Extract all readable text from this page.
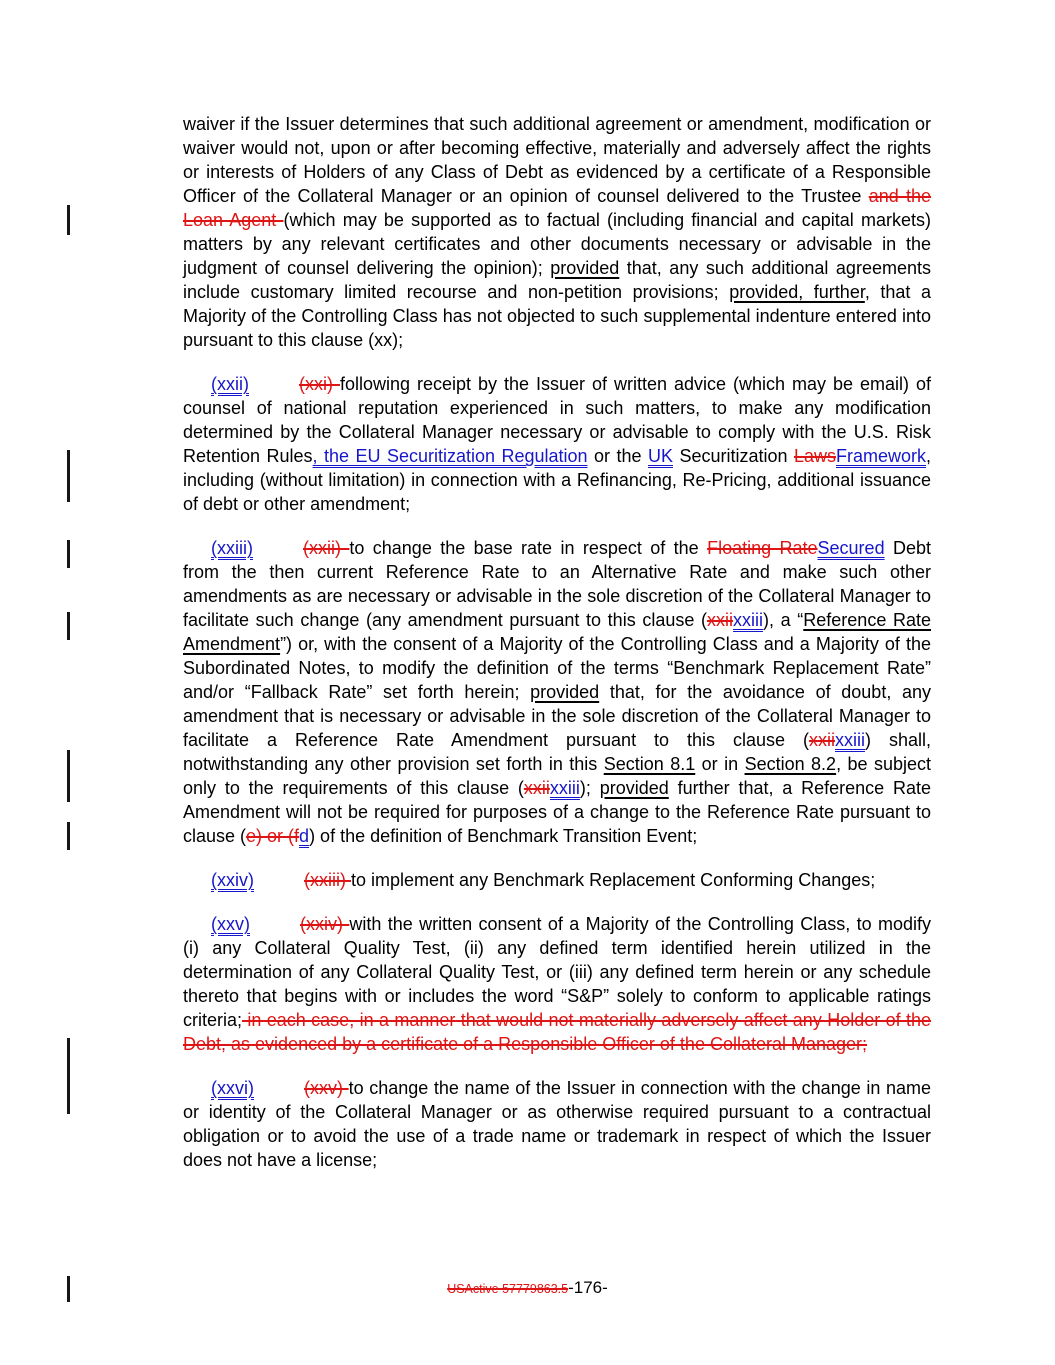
waiver if the Issuer determines that such additional agreement or amendment, modification or waiver would not, upon or after becoming effective, materially and adversely affect the rights or interests of Holders of any Class of Debt as evidenced by a certificate of a Responsible Officer of the Collateral Manager or an opinion of counsel delivered to the Trustee and the Loan Agent (which may be supported as to factual (including financial and capital markets) matters by any relevant certificates and other documents necessary or advisable in the judgment of counsel delivering the opinion); provided that, any such additional agreements include customary limited recourse and non-petition provisions; provided, further, that a Majority of the Controlling Class has not objected to such supplemental indenture entered into pursuant to this clause (xx);

(xxii)	(xxi) following receipt by the Issuer of written advice (which may be email) of counsel of national reputation experienced in such matters, to make any modification determined by the Collateral Manager necessary or advisable to comply with the U.S. Risk Retention Rules, the EU Securitization Regulation or the UK Securitization LawsFramework, including (without limitation) in connection with a Refinancing, Re-Pricing, additional issuance of debt or other amendment;

(xxiii)	(xxii) to change the base rate in respect of the Floating RateSecured Debt from the then current Reference Rate to an Alternative Rate and make such other amendments as are necessary or advisable in the sole discretion of the Collateral Manager to facilitate such change (any amendment pursuant to this clause (xxiixxiii), a “Reference Rate Amendment”) or, with the consent of a Majority of the Controlling Class and a Majority of the Subordinated Notes, to modify the definition of the terms “Benchmark Replacement Rate” and/or “Fallback Rate” set forth herein; provided that, for the avoidance of doubt, any amendment that is necessary or advisable in the sole discretion of the Collateral Manager to facilitate a Reference Rate Amendment pursuant to this clause (xxiixxiii) shall, notwithstanding any other provision set forth in this Section 8.1 or in Section 8.2, be subject only to the requirements of this clause (xxiixxiii); provided further that, a Reference Rate Amendment will not be required for purposes of a change to the Reference Rate pursuant to clause (e) or (fd) of the definition of Benchmark Transition Event;

(xxiv)	(xxiii) to implement any Benchmark Replacement Conforming Changes;

(xxv)	(xxiv) with the written consent of a Majority of the Controlling Class, to modify (i) any Collateral Quality Test, (ii) any defined term identified herein utilized in the determination of any Collateral Quality Test, or (iii) any defined term herein or any schedule thereto that begins with or includes the word “S&P” solely to conform to applicable ratings criteria; in each case, in a manner that would not materially adversely affect any Holder of the Debt, as evidenced by a certificate of a Responsible Officer of the Collateral Manager;

(xxvi)	(xxv) to change the name of the Issuer in connection with the change in name or identity of the Collateral Manager or as otherwise required pursuant to a contractual obligation or to avoid the use of a trade name or trademark in respect of which the Issuer does not have a license;

USActive 57779863.5-176-
